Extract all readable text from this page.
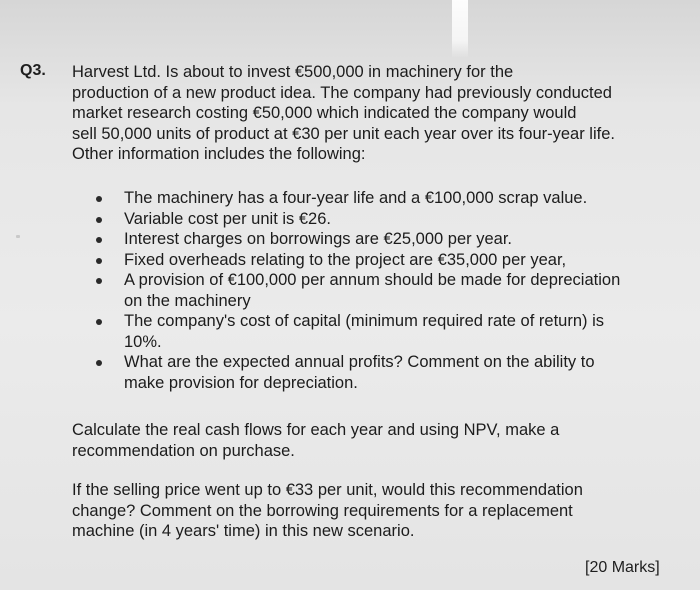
Q3. Harvest Ltd. Is about to invest €500,000 in machinery for the
production of a new product idea. The company had previously conducted
market research costing €50,000 which indicated the company would
sell 50,000 units of product at €30 per unit each year over its four-year life.
Other information includes the following:
The machinery has a four-year life and a €100,000 scrap value.
Variable cost per unit is €26.
Interest charges on borrowings are €25,000 per year.
Fixed overheads relating to the project are €35,000 per year,
A provision of €100,000 per annum should be made for depreciation
on the machinery
The company's cost of capital (minimum required rate of return) is
10%.
What are the expected annual profits? Comment on the ability to
make provision for depreciation.
Calculate the real cash flows for each year and using NPV, make a
recommendation on purchase.
If the selling price went up to €33 per unit, would this recommendation
change? Comment on the borrowing requirements for a replacement
machine (in 4 years' time) in this new scenario.
[20 Marks]
